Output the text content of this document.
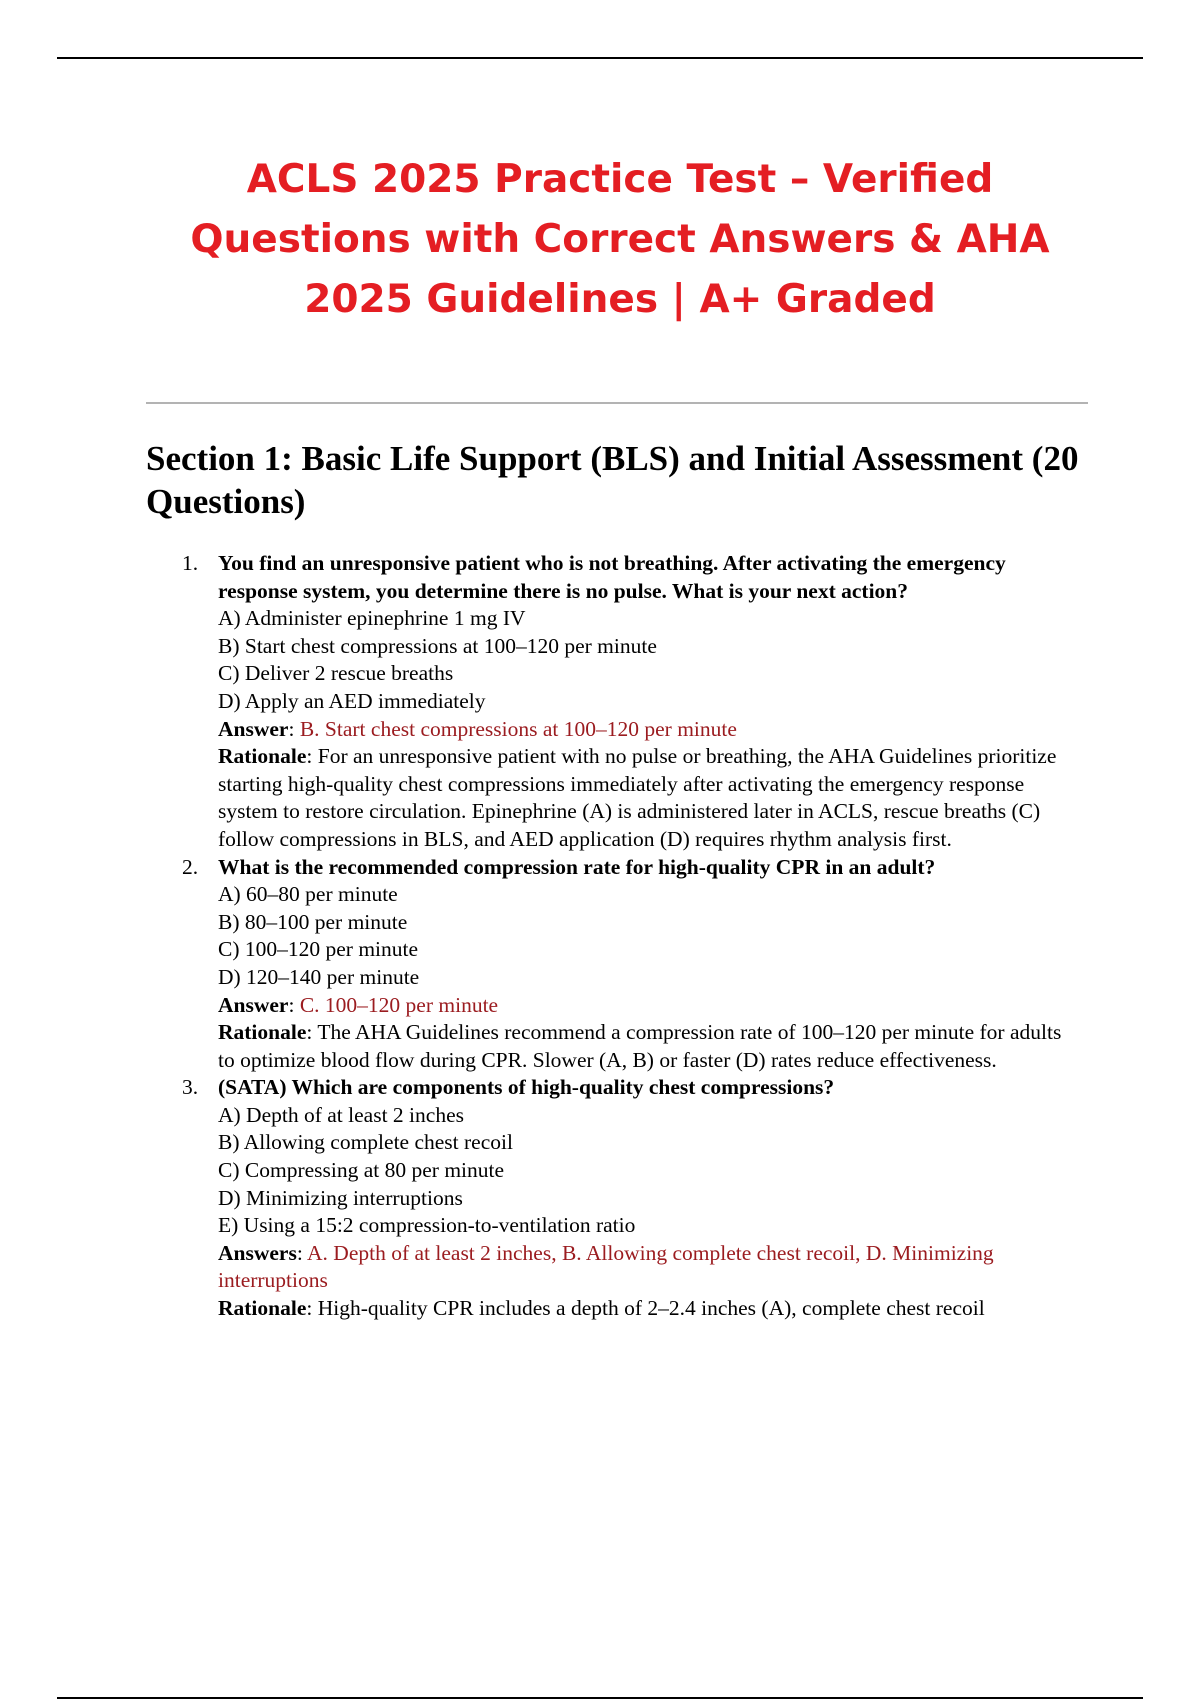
ACLS 2025 Practice Test – Verified Questions with Correct Answers & AHA 2025 Guidelines | A+ Graded
Section 1: Basic Life Support (BLS) and Initial Assessment (20 Questions)
1. You find an unresponsive patient who is not breathing. After activating the emergency response system, you determine there is no pulse. What is your next action?
A) Administer epinephrine 1 mg IV
B) Start chest compressions at 100–120 per minute
C) Deliver 2 rescue breaths
D) Apply an AED immediately
Answer: B. Start chest compressions at 100–120 per minute
Rationale: For an unresponsive patient with no pulse or breathing, the AHA Guidelines prioritize starting high-quality chest compressions immediately after activating the emergency response system to restore circulation. Epinephrine (A) is administered later in ACLS, rescue breaths (C) follow compressions in BLS, and AED application (D) requires rhythm analysis first.
2. What is the recommended compression rate for high-quality CPR in an adult?
A) 60–80 per minute
B) 80–100 per minute
C) 100–120 per minute
D) 120–140 per minute
Answer: C. 100–120 per minute
Rationale: The AHA Guidelines recommend a compression rate of 100–120 per minute for adults to optimize blood flow during CPR. Slower (A, B) or faster (D) rates reduce effectiveness.
3. (SATA) Which are components of high-quality chest compressions?
A) Depth of at least 2 inches
B) Allowing complete chest recoil
C) Compressing at 80 per minute
D) Minimizing interruptions
E) Using a 15:2 compression-to-ventilation ratio
Answers: A. Depth of at least 2 inches, B. Allowing complete chest recoil, D. Minimizing interruptions
Rationale: High-quality CPR includes a depth of 2–2.4 inches (A), complete chest recoil
